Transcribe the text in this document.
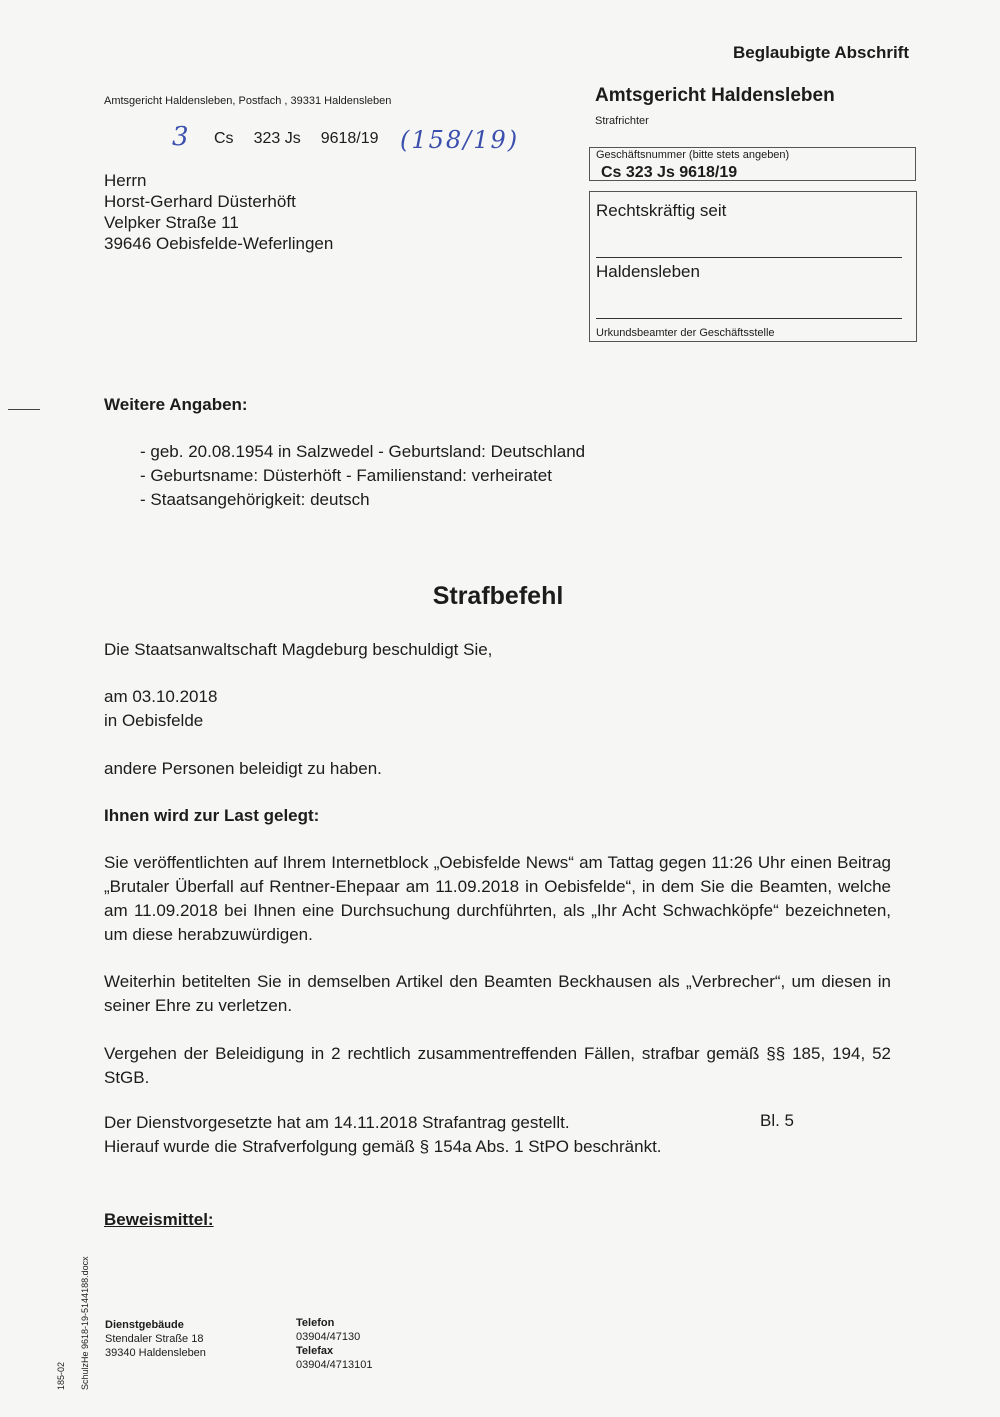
Beglaubigte Abschrift
Amtsgericht Haldensleben, Postfach , 39331 Haldensleben	Amtsgericht Haldensleben
Strafrichter
3 Cs 323 Js 9618/19 (158/19)
Herrn
Horst-Gerhard Düsterhöft
Velpker Straße 11
39646 Oebisfelde-Weferlingen
Geschäftsnummer (bitte stets angeben)
Cs 323 Js 9618/19
Rechtskräftig seit
Haldensleben
Urkundsbeamter der Geschäftsstelle
Weitere Angaben:
- geb. 20.08.1954 in Salzwedel - Geburtsland: Deutschland
- Geburtsname: Düsterhöft - Familienstand: verheiratet
- Staatsangehörigkeit: deutsch
Strafbefehl
Die Staatsanwaltschaft Magdeburg beschuldigt Sie,
am 03.10.2018
in Oebisfelde
andere Personen beleidigt zu haben.
Ihnen wird zur Last gelegt:
Sie veröffentlichten auf Ihrem Internetblock „Oebisfelde News“ am Tattag gegen 11:26 Uhr einen Beitrag „Brutaler Überfall auf Rentner-Ehepaar am 11.09.2018 in Oebisfelde“, in dem Sie die Beamten, welche am 11.09.2018 bei Ihnen eine Durchsuchung durchführten, als „Ihr Acht Schwachköpfe“ bezeichneten, um diese herabzuwürdigen.
Weiterhin betitelten Sie in demselben Artikel den Beamten Beckhausen als „Verbrecher“, um diesen in seiner Ehre zu verletzen.
Vergehen der Beleidigung in 2 rechtlich zusammentreffenden Fällen, strafbar gemäß §§ 185, 194, 52 StGB.
Der Dienstvorgesetzte hat am 14.11.2018 Strafantrag gestellt.	Bl. 5
Hierauf wurde die Strafverfolgung gemäß § 154a Abs. 1 StPO beschränkt.
Beweismittel:
Dienstgebäude
Stendaler Straße 18
39340 Haldensleben
Telefon
03904/47130
Telefax
03904/4713101
185-02 SchulzHe 9618-19-5144188.docx
